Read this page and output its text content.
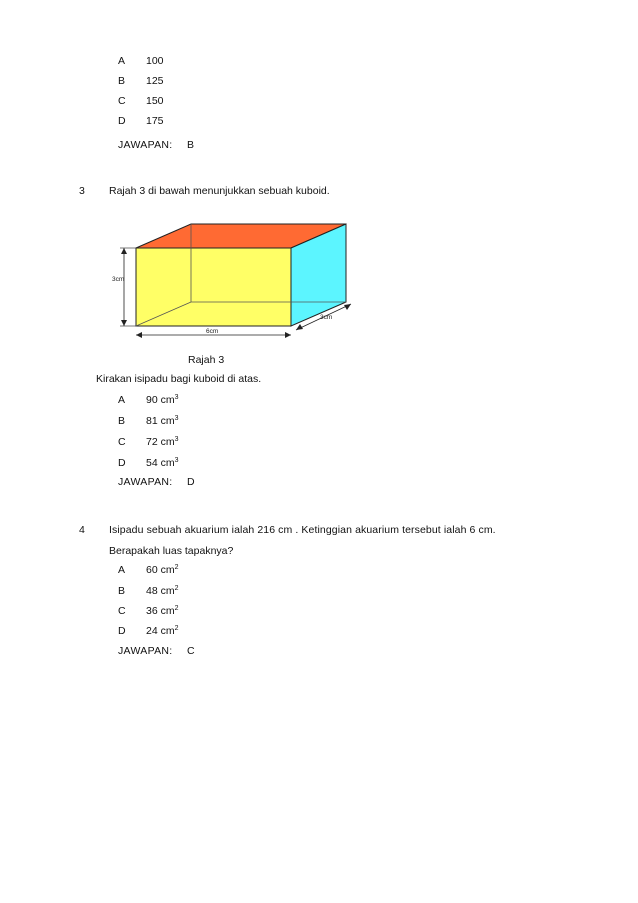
A 100
B 125
C 150
D 175
JAWAPAN: B
3 Rajah 3 di bawah menunjukkan sebuah kuboid.
3cm
6cm
3cm
Rajah 3
Kirakan isipadu bagi kuboid di atas.
A 90 $cm^3$
B 81 $cm^3$
C 72 $cm^3$
D 54 $cm^3$
JAWAPAN: D
4 Isipadu sebuah akuarium ialah 216 cm . Ketinggian akuarium tersebut ialah 6 cm.
Berapakah luas tapaknya?
A 60 $cm^2$
B 48 $cm^2$
C 36 $cm^2$
D 24 $cm^2$
JAWAPAN: C
